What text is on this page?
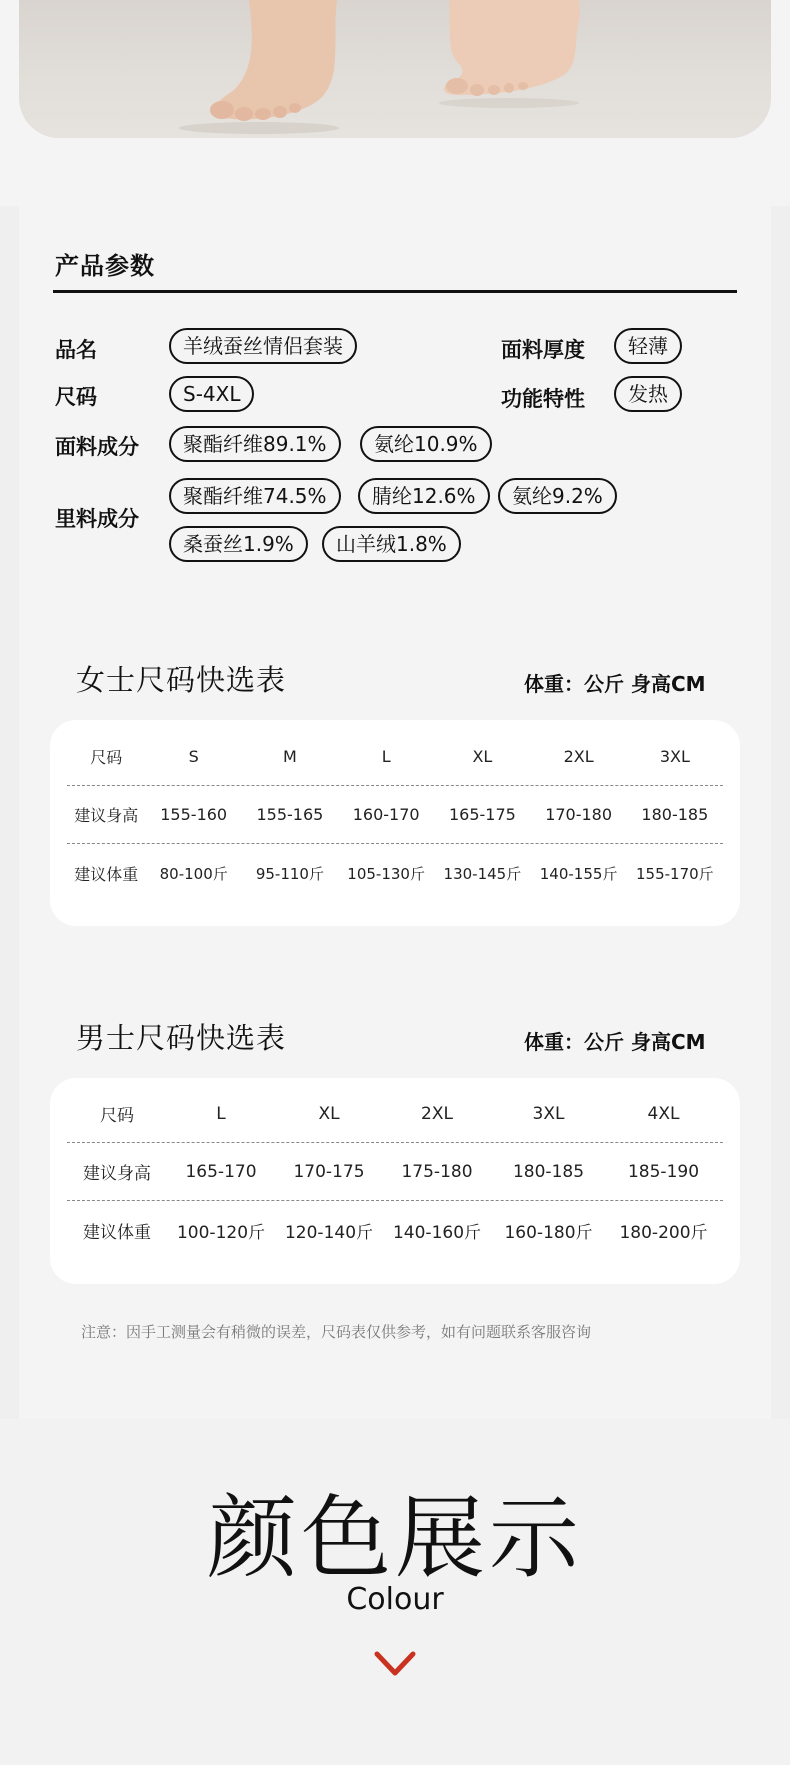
产品参数
品名	羊绒蚕丝情侣套装
尺码	S-4XL
面料成分	聚酯纤维89.1%	氨纶10.9%
里料成分
聚酯纤维74.5%	腈纶12.6%	氨纶9.2%
桑蚕丝1.9%	山羊绒1.8%
面料厚度	轻薄
功能特性	发热
女士尺码快选表	体重：公斤 身高CM
尺码	S	M	L	XL	2XL	3XL
建议身高	155-160	155-165	160-170	165-175	170-180	180-185
建议体重	80-100斤	95-110斤	105-130斤	130-145斤	140-155斤	155-170斤
男士尺码快选表	体重：公斤 身高CM
尺码	L	XL	2XL	3XL	4XL
建议身高	165-170	170-175	175-180	180-185	185-190
建议体重	100-120斤	120-140斤	140-160斤	160-180斤	180-200斤
注意：因手工测量会有稍微的误差，尺码表仅供参考，如有问题联系客服咨询
颜色展示
Colour
